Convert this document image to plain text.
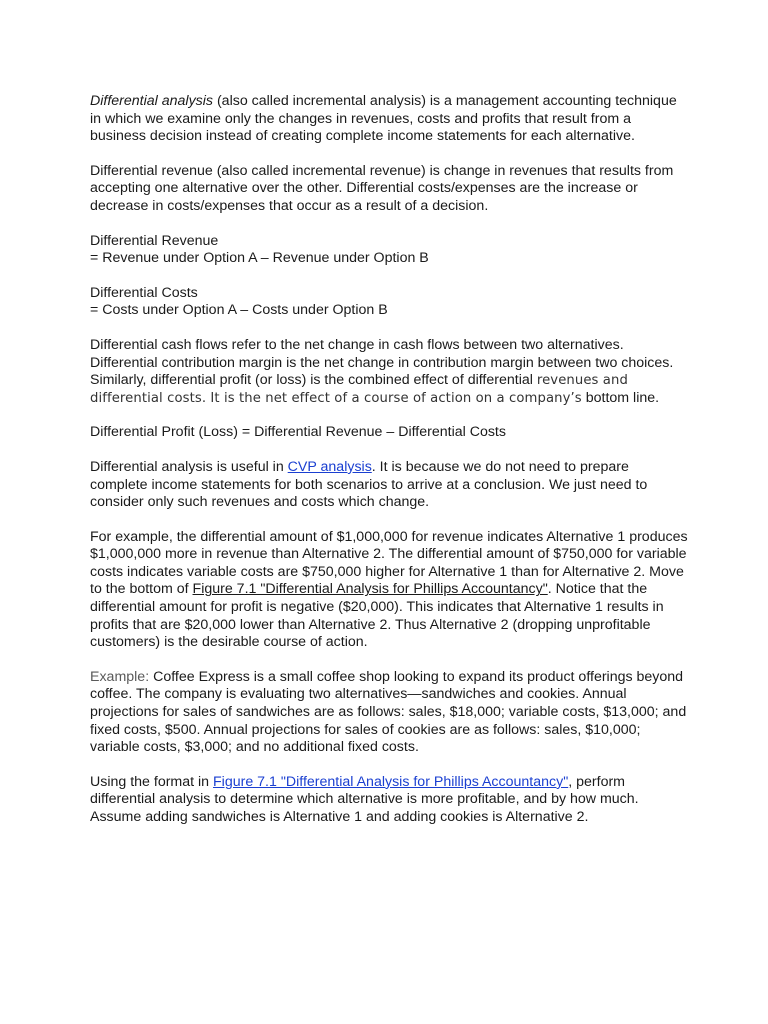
Differential analysis (also called incremental analysis) is a management accounting technique in which we examine only the changes in revenues, costs and profits that result from a business decision instead of creating complete income statements for each alternative.

Differential revenue (also called incremental revenue) is change in revenues that results from accepting one alternative over the other. Differential costs/expenses are the increase or decrease in costs/expenses that occur as a result of a decision.

Differential Revenue
= Revenue under Option A – Revenue under Option B

Differential Costs
= Costs under Option A – Costs under Option B

Differential cash flows refer to the net change in cash flows between two alternatives. Differential contribution margin is the net change in contribution margin between two choices. Similarly, differential profit (or loss) is the combined effect of differential revenues and differential costs. It is the net effect of a course of action on a company’s bottom line.

Differential Profit (Loss) = Differential Revenue – Differential Costs

Differential analysis is useful in CVP analysis. It is because we do not need to prepare complete income statements for both scenarios to arrive at a conclusion. We just need to consider only such revenues and costs which change.

For example, the differential amount of $1,000,000 for revenue indicates Alternative 1 produces $1,000,000 more in revenue than Alternative 2. The differential amount of $750,000 for variable costs indicates variable costs are $750,000 higher for Alternative 1 than for Alternative 2. Move to the bottom of Figure 7.1 "Differential Analysis for Phillips Accountancy". Notice that the differential amount for profit is negative ($20,000). This indicates that Alternative 1 results in profits that are $20,000 lower than Alternative 2. Thus Alternative 2 (dropping unprofitable customers) is the desirable course of action.

Example: Coffee Express is a small coffee shop looking to expand its product offerings beyond coffee. The company is evaluating two alternatives—sandwiches and cookies. Annual projections for sales of sandwiches are as follows: sales, $18,000; variable costs, $13,000; and fixed costs, $500. Annual projections for sales of cookies are as follows: sales, $10,000; variable costs, $3,000; and no additional fixed costs.

Using the format in Figure 7.1 "Differential Analysis for Phillips Accountancy", perform differential analysis to determine which alternative is more profitable, and by how much. Assume adding sandwiches is Alternative 1 and adding cookies is Alternative 2.
